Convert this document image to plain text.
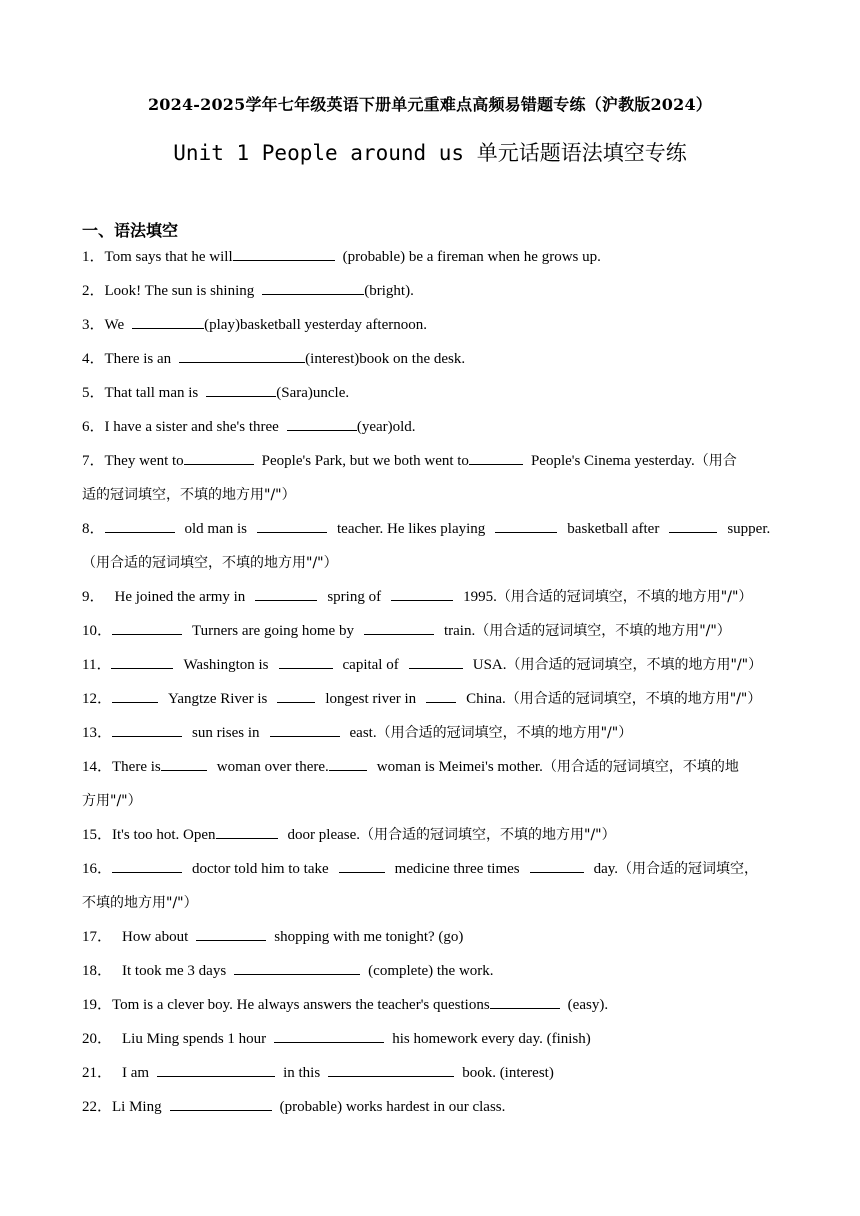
2024-2025学年七年级英语下册单元重难点高频易错题专练（沪教版2024）
Unit 1 People around us 单元话题语法填空专练
一、语法填空
1．Tom says that he will	(probable) be a fireman when he grows up.
2．Look! The sun is shining	(bright).
3．We	(play)basketball yesterday afternoon.
4．There is an	(interest)book on the desk.
5．That tall man is	(Sara)uncle.
6．I have a sister and she's three	(year)old.
7．They went to	People's Park, but we both went to	People's Cinema yesterday.（用合
适的冠词填空，不填的地方用"/"）
8．	old man is	teacher. He likes playing	basketball after	supper.
（用合适的冠词填空，不填的地方用"/"）
9． He joined the army in	spring of	1995.（用合适的冠词填空，不填的地方用"/"）
10．	Turners are going home by	train.（用合适的冠词填空，不填的地方用"/"）
11．	Washington is	capital of	USA.（用合适的冠词填空，不填的地方用"/"）
12．	Yangtze River is	longest river in	China.（用合适的冠词填空，不填的地方用"/"）
13．	sun rises in	east.（用合适的冠词填空，不填的地方用"/"）
14．There is	woman over there.	woman is Meimei's mother.（用合适的冠词填空，不填的地
方用"/"）
15．It's too hot. Open	door please.（用合适的冠词填空，不填的地方用"/"）
16．	doctor told him to take	medicine three times	day.（用合适的冠词填空，
不填的地方用"/"）
17． How about	shopping with me tonight? (go)
18． It took me 3 days	(complete) the work.
19．Tom is a clever boy. He always answers the teacher's questions	(easy).
20． Liu Ming spends 1 hour	his homework every day. (finish)
21． I am	in this	book. (interest)
22．Li Ming	(probable) works hardest in our class.
